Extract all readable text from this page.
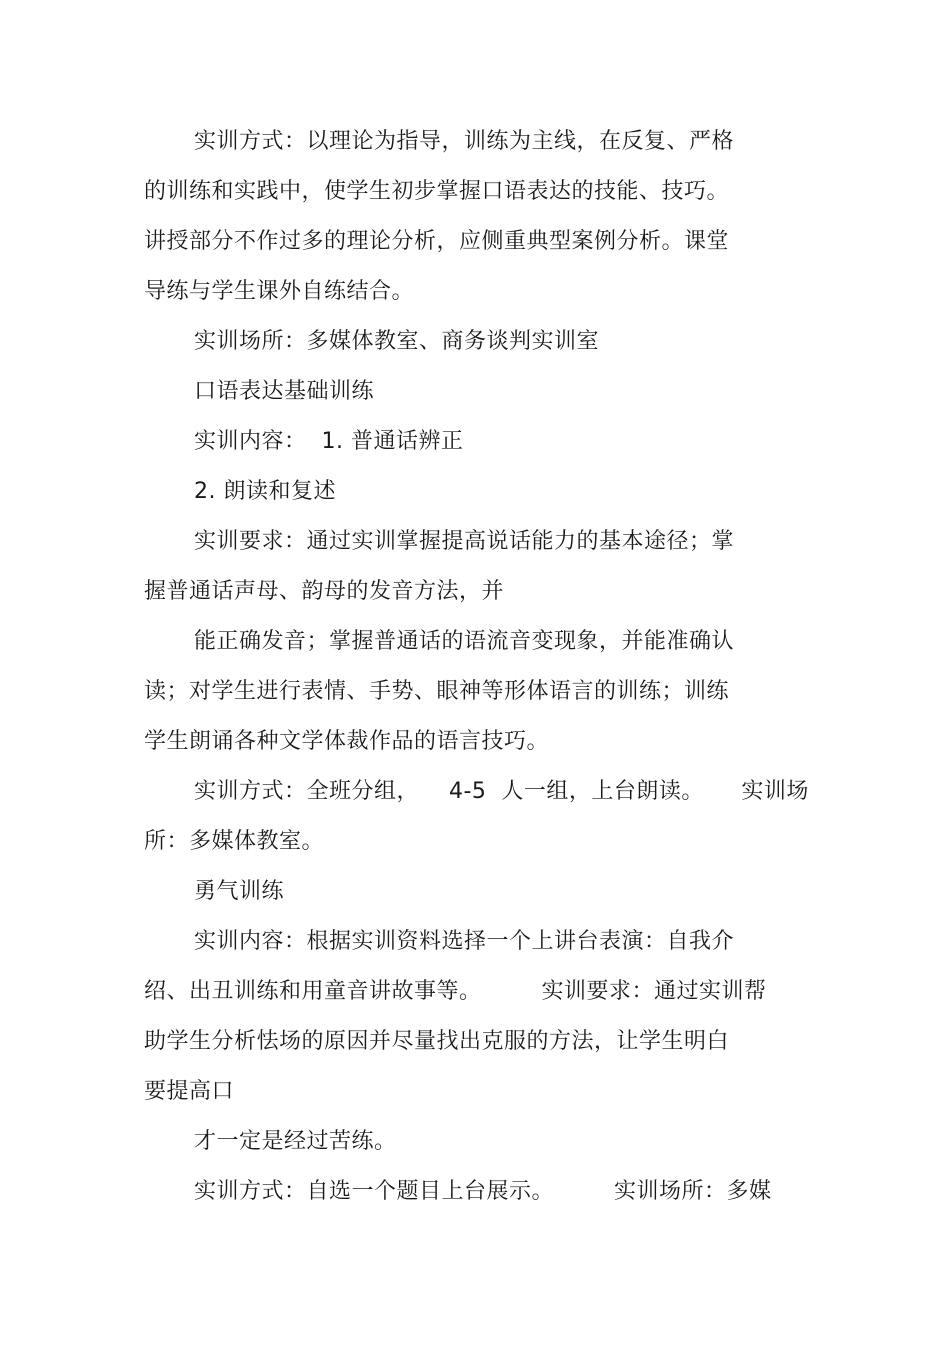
实训方式：以理论为指导，训练为主线，在反复、严格
的训练和实践中，使学生初步掌握口语表达的技能、技巧。
讲授部分不作过多的理论分析，应侧重典型案例分析。课堂
导练与学生课外自练结合。
实训场所：多媒体教室、商务谈判实训室
口语表达基础训练
实训内容：  1. 普通话辨正
2. 朗读和复述
实训要求：通过实训掌握提高说话能力的基本途径；掌
握普通话声母、韵母的发音方法，并
能正确发音；掌握普通话的语流音变现象，并能准确认
读；对学生进行表情、手势、眼神等形体语言的训练；训练
学生朗诵各种文学体裁作品的语言技巧。
实训方式：全班分组，    4-5  人一组，上台朗读。     实训场
所：多媒体教室。
勇气训练
实训内容：根据实训资料选择一个上讲台表演：自我介
绍、出丑训练和用童音讲故事等。        实训要求：通过实训帮
助学生分析怯场的原因并尽量找出克服的方法，让学生明白
要提高口
才一定是经过苦练。
实训方式：自选一个题目上台展示。        实训场所：多媒
